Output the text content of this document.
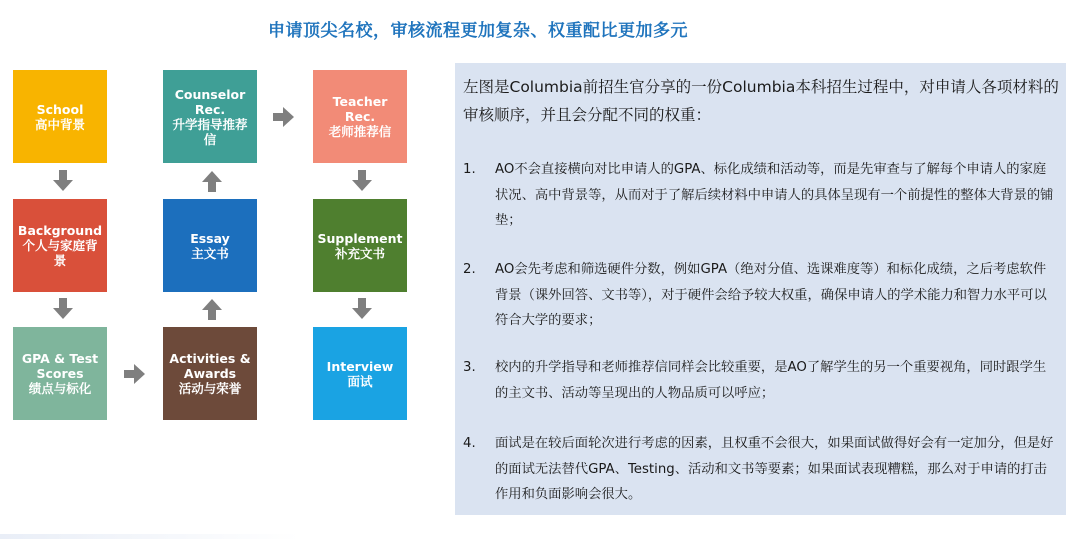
申请顶尖名校，审核流程更加复杂、权重配比更加多元
School
高中背景
Background
个人与家庭背
景
GPA & Test
Scores
绩点与标化
Activities &
Awards
活动与荣誉
Essay
主文书
Counselor
Rec.
升学指导推荐
信
Teacher
Rec.
老师推荐信
Supplement
补充文书
Interview
面试
左图是Columbia前招生官分享的一份Columbia本科招生过程中，对申请人各项材料的审核顺序，并且会分配不同的权重：
1.	AO不会直接横向对比申请人的GPA、标化成绩和活动等，而是先审查与了解每个申请人的家庭状况、高中背景等，从而对于了解后续材料中申请人的具体呈现有一个前提性的整体大背景的铺垫；
2.	AO会先考虑和筛选硬件分数，例如GPA（绝对分值、选课难度等）和标化成绩，之后考虑软件背景（课外回答、文书等），对于硬件会给予较大权重，确保申请人的学术能力和智力水平可以符合大学的要求；
3.	校内的升学指导和老师推荐信同样会比较重要，是AO了解学生的另一个重要视角，同时跟学生的主文书、活动等呈现出的人物品质可以呼应；
4.	面试是在较后面轮次进行考虑的因素，且权重不会很大，如果面试做得好会有一定加分，但是好的面试无法替代GPA、Testing、活动和文书等要素；如果面试表现糟糕，那么对于申请的打击作用和负面影响会很大。
